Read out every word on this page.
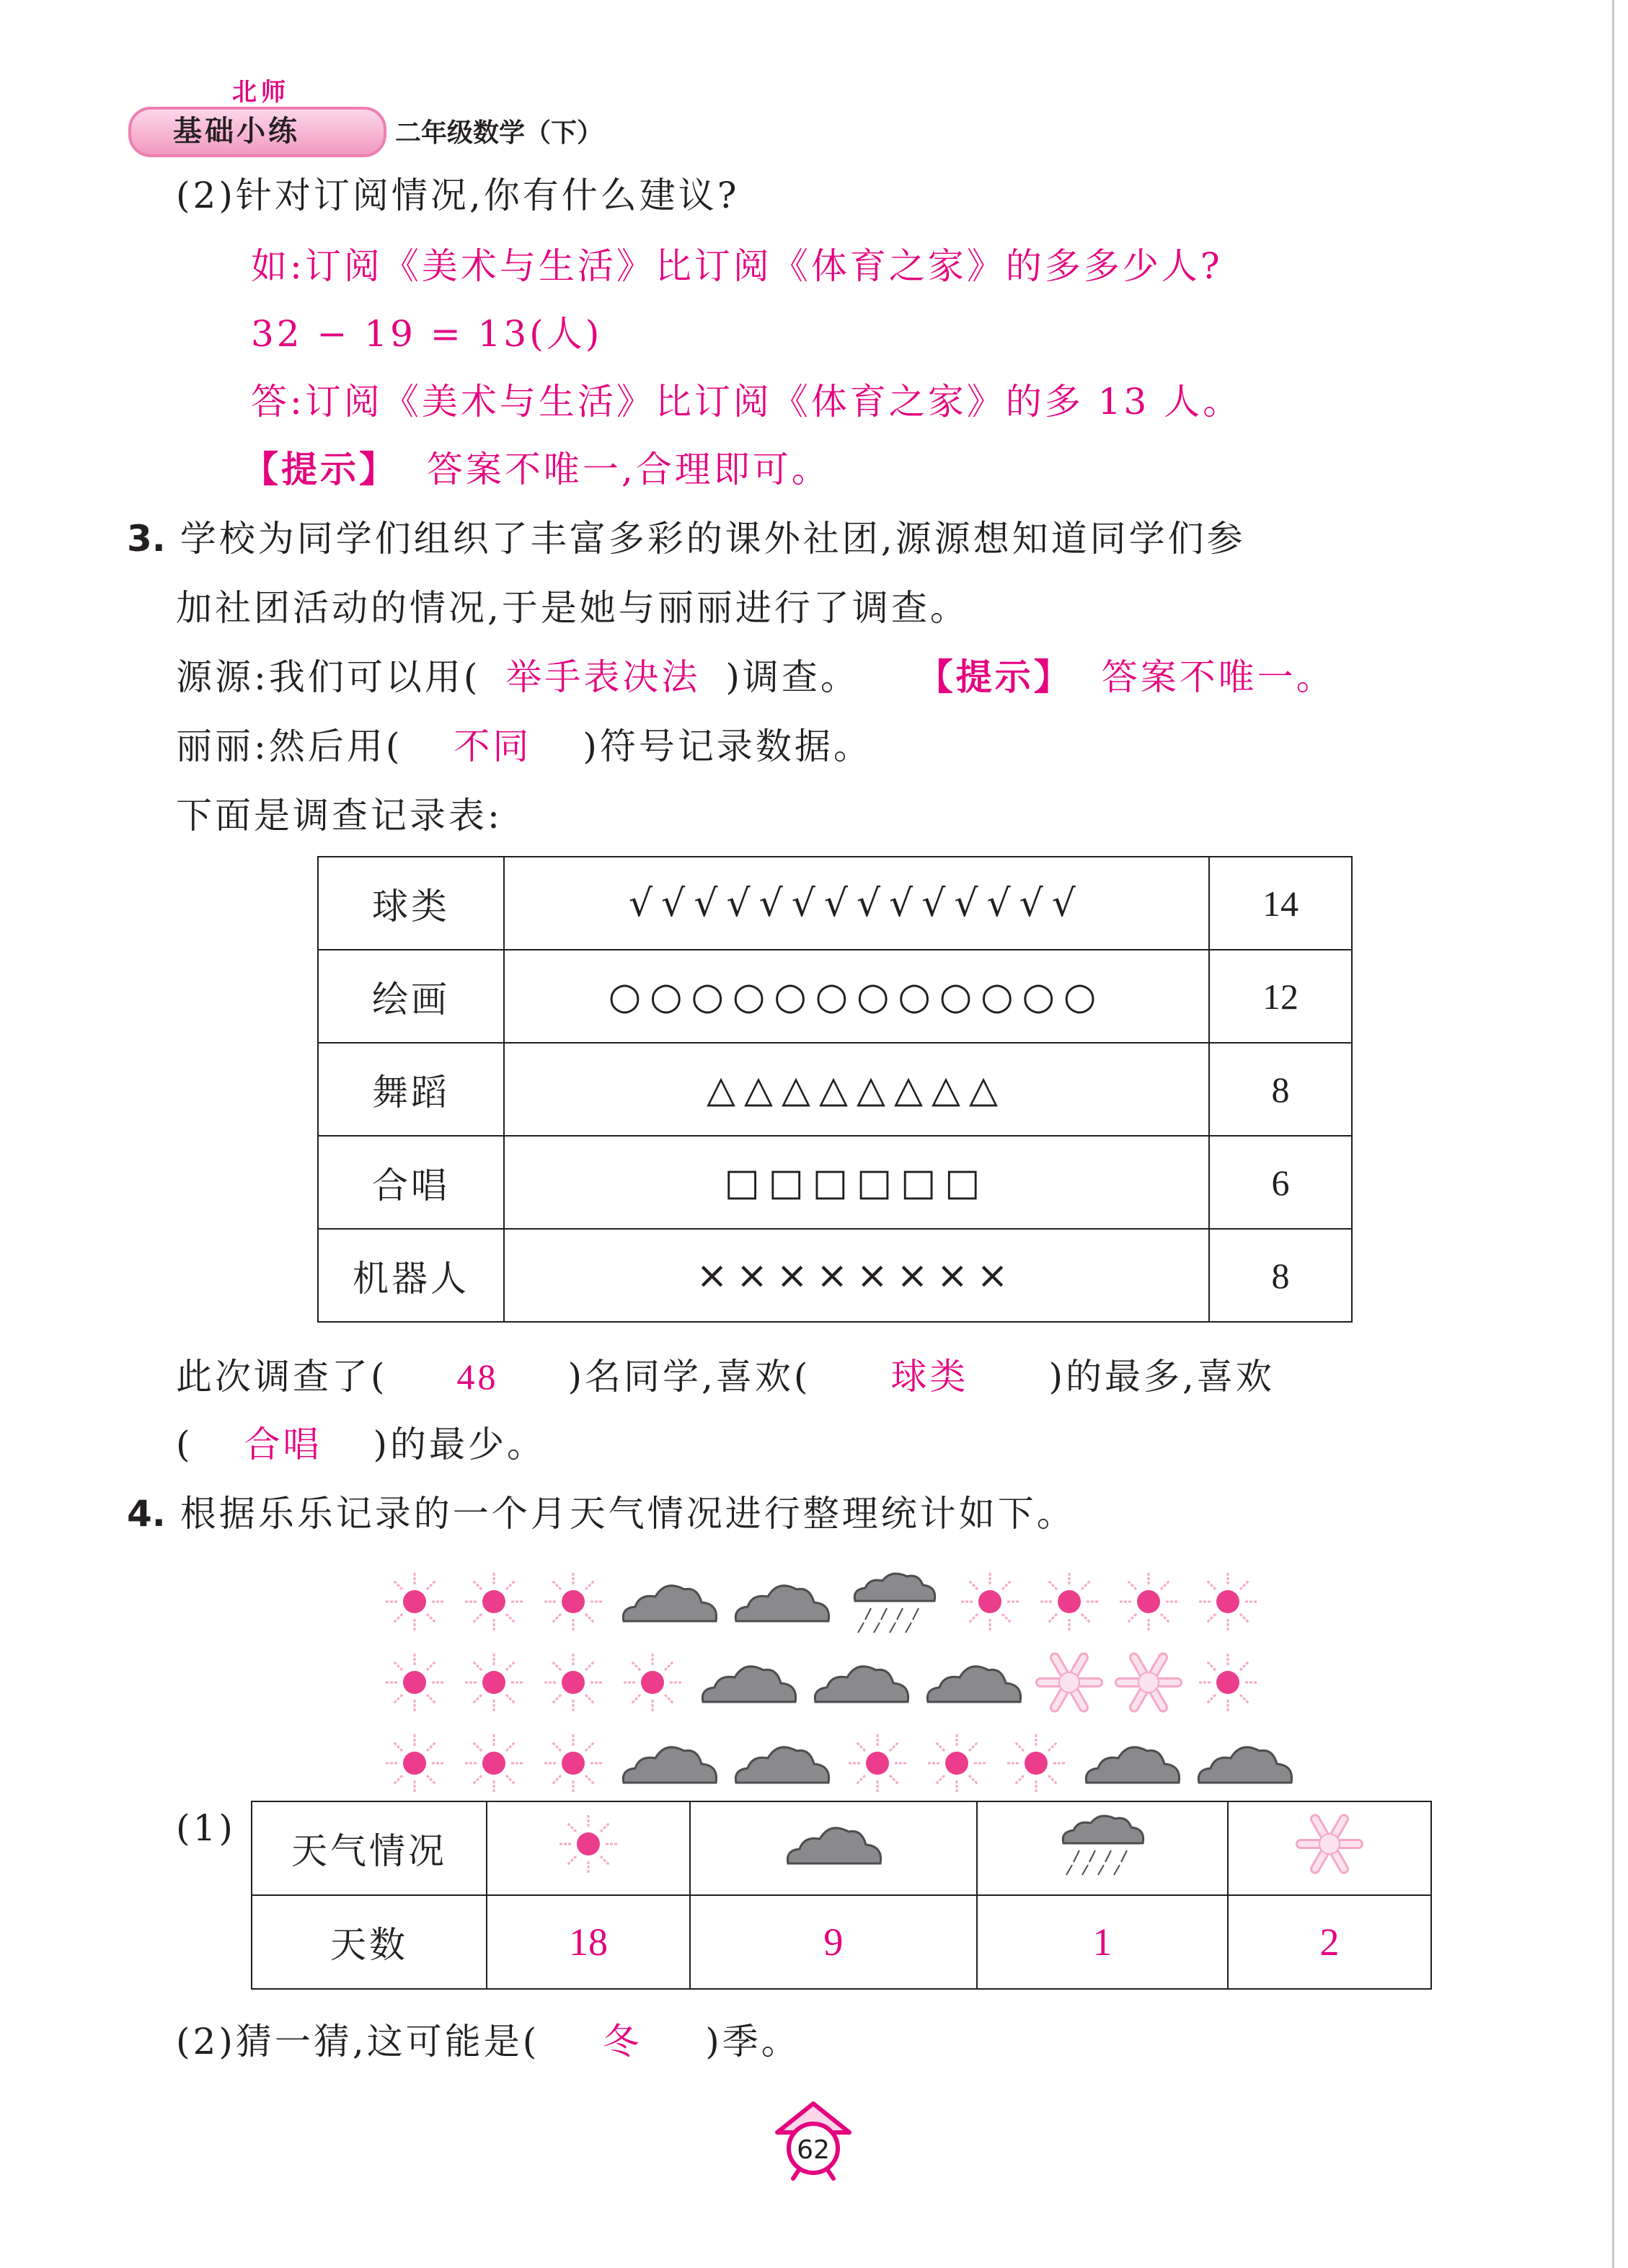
北师
基础小练	二年级数学（下）
(2)针对订阅情况,你有什么建议?
如:订阅《美术与生活》比订阅《体育之家》的多多少人?
32 − 19 = 13(人)
答:订阅《美术与生活》比订阅《体育之家》的多 13 人。
【提示】 答案不唯一,合理即可。
3. 学校为同学们组织了丰富多彩的课外社团,源源想知道同学们参
加社团活动的情况,于是她与丽丽进行了调查。
源源:我们可以用( 举手表决法 )调查。 【提示】 答案不唯一。
丽丽:然后用( 不同 )符号记录数据。
下面是调查记录表:
球类	√√√√√√√√√√√√√√	14
绘画	○○○○○○○○○○○○	12
舞蹈	△△△△△△△△	8
合唱	□□□□□□	6
机器人	××××××××	8
此次调查了( 48 )名同学,喜欢( 球类 )的最多,喜欢
( 合唱 )的最少。
4. 根据乐乐记录的一个月天气情况进行整理统计如下。
(1)
天气情况				
天数	18	9	1	2
(2)猜一猜,这可能是( 冬 )季。
62
